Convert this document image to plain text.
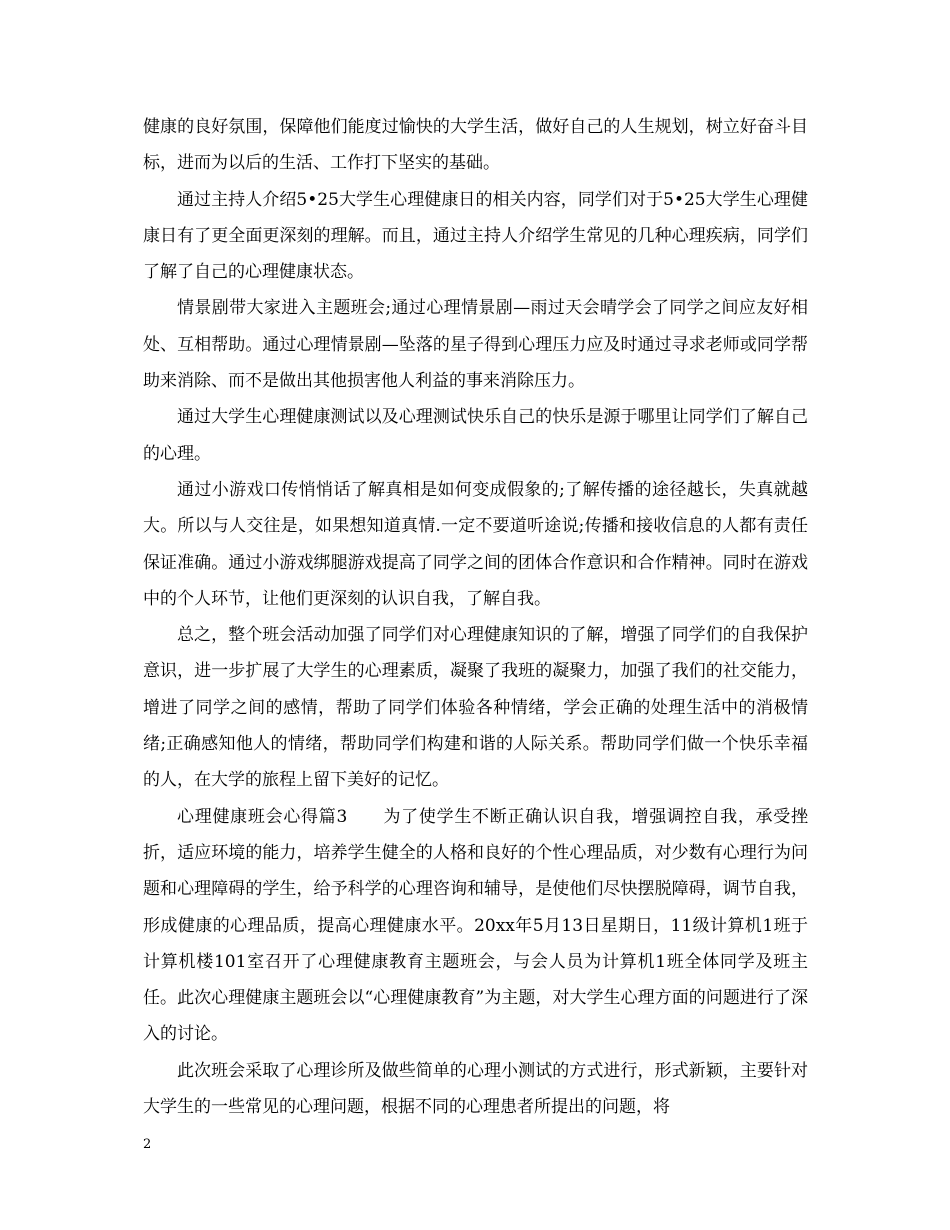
健康的良好氛围，保障他们能度过愉快的大学生活，做好自己的人生规划，树立好奋斗目标，进而为以后的生活、工作打下坚实的基础。

通过主持人介绍5•25大学生心理健康日的相关内容，同学们对于5•25大学生心理健康日有了更全面更深刻的理解。而且，通过主持人介绍学生常见的几种心理疾病，同学们了解了自己的心理健康状态。

情景剧带大家进入主题班会;通过心理情景剧—雨过天会晴学会了同学之间应友好相处、互相帮助。通过心理情景剧—坠落的星子得到心理压力应及时通过寻求老师或同学帮助来消除、而不是做出其他损害他人利益的事来消除压力。

通过大学生心理健康测试以及心理测试快乐自己的快乐是源于哪里让同学们了解自己的心理。

通过小游戏口传悄悄话了解真相是如何变成假象的;了解传播的途径越长，失真就越大。所以与人交往是，如果想知道真情.一定不要道听途说;传播和接收信息的人都有责任保证准确。通过小游戏绑腿游戏提高了同学之间的团体合作意识和合作精神。同时在游戏中的个人环节，让他们更深刻的认识自我，了解自我。

总之，整个班会活动加强了同学们对心理健康知识的了解，增强了同学们的自我保护意识，进一步扩展了大学生的心理素质，凝聚了我班的凝聚力，加强了我们的社交能力，增进了同学之间的感情，帮助了同学们体验各种情绪，学会正确的处理生活中的消极情绪;正确感知他人的情绪，帮助同学们构建和谐的人际关系。帮助同学们做一个快乐幸福的人，在大学的旅程上留下美好的记忆。

心理健康班会心得篇3　　为了使学生不断正确认识自我，增强调控自我，承受挫折，适应环境的能力，培养学生健全的人格和良好的个性心理品质，对少数有心理行为问题和心理障碍的学生，给予科学的心理咨询和辅导，是使他们尽快摆脱障碍，调节自我，形成健康的心理品质，提高心理健康水平。20xx年5月13日星期日，11级计算机1班于计算机楼101室召开了心理健康教育主题班会，与会人员为计算机1班全体同学及班主任。此次心理健康主题班会以“心理健康教育”为主题，对大学生心理方面的问题进行了深入的讨论。

此次班会采取了心理诊所及做些简单的心理小测试的方式进行，形式新颖，主要针对大学生的一些常见的心理问题，根据不同的心理患者所提出的问题，将

2
